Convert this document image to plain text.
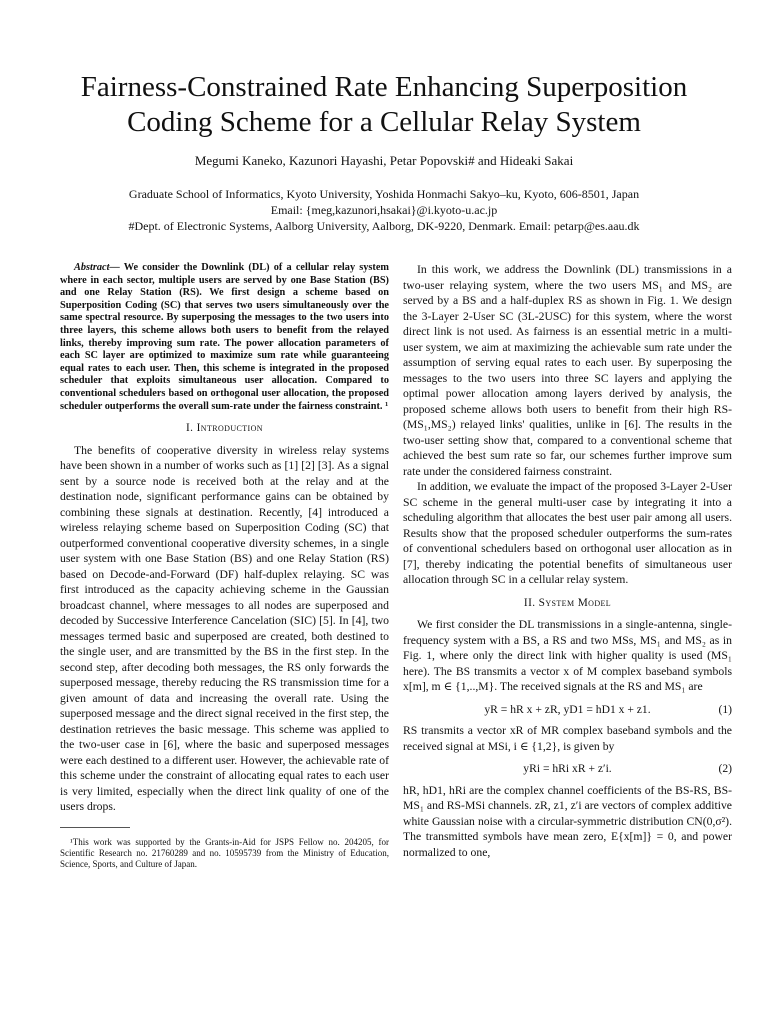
Fairness-Constrained Rate Enhancing Superposition Coding Scheme for a Cellular Relay System
Megumi Kaneko, Kazunori Hayashi, Petar Popovski# and Hideaki Sakai
Graduate School of Informatics, Kyoto University, Yoshida Honmachi Sakyo–ku, Kyoto, 606-8501, Japan
Email: {meg,kazunori,hsakai}@i.kyoto-u.ac.jp
#Dept. of Electronic Systems, Aalborg University, Aalborg, DK-9220, Denmark. Email: petarp@es.aau.dk

Abstract— We consider the Downlink (DL) of a cellular relay system where in each sector, multiple users are served by one Base Station (BS) and one Relay Station (RS). We first design a scheme based on Superposition Coding (SC) that serves two users simultaneously over the same spectral resource. By superposing the messages to the two users into three layers, this scheme allows both users to benefit from the relayed links, thereby improving sum rate. The power allocation parameters of each SC layer are optimized to maximize sum rate while guaranteeing equal rates to each user. Then, this scheme is integrated in the proposed scheduler that exploits simultaneous user allocation. Compared to conventional schedulers based on orthogonal user allocation, the proposed scheduler outperforms the overall sum-rate under the fairness constraint. ¹

I. Introduction

The benefits of cooperative diversity in wireless relay systems have been shown in a number of works such as [1] [2] [3]. As a signal sent by a source node is received both at the relay and at the destination node, significant performance gains can be obtained by combining these signals at destination. Recently, [4] introduced a wireless relaying scheme based on Superposition Coding (SC) that outperformed conventional cooperative diversity schemes, in a single user system with one Base Station (BS) and one Relay Station (RS) based on Decode-and-Forward (DF) half-duplex relaying. SC was first introduced as the capacity achieving scheme in the Gaussian broadcast channel, where messages to all nodes are superposed and decoded by Successive Interference Cancelation (SIC) [5]. In [4], two messages termed basic and superposed are created, both destined to the single user, and are transmitted by the BS in the first step. In the second step, after decoding both messages, the RS only forwards the superposed message, thereby reducing the RS transmission time for a given amount of data and increasing the overall rate. Using the superposed message and the direct signal received in the first step, the destination retrieves the basic message. This scheme was applied to the two-user case in [6], where the basic and superposed messages were each destined to a different user. However, the achievable rate of this scheme under the constraint of allocating equal rates to each user is very limited, especially when the direct link quality of one of the users drops.

¹This work was supported by the Grants-in-Aid for JSPS Fellow no. 204205, for Scientific Research no. 21760289 and no. 10595739 from the Ministry of Education, Science, Sports, and Culture of Japan.

In this work, we address the Downlink (DL) transmissions in a two-user relaying system, where the two users MS₁ and MS₂ are served by a BS and a half-duplex RS as shown in Fig. 1. We design the 3-Layer 2-User SC (3L-2USC) for this system, where the worst direct link is not used. As fairness is an essential metric in a multi-user system, we aim at maximizing the achievable sum rate under the assumption of serving equal rates to each user. By superposing the messages to the two users into three SC layers and applying the optimal power allocation among layers derived by analysis, the proposed scheme allows both users to benefit from their high RS-(MS₁,MS₂) relayed links' qualities, unlike in [6]. The results in the two-user setting show that, compared to a conventional scheme that achieved the best sum rate so far, our schemes further improve sum rate under the considered fairness constraint.

In addition, we evaluate the impact of the proposed 3-Layer 2-User SC scheme in the general multi-user case by integrating it into a scheduling algorithm that allocates the best user pair among all users. Results show that the proposed scheduler outperforms the sum-rates of conventional schedulers based on orthogonal user allocation as in [7], thereby indicating the potential benefits of simultaneous user allocation through SC in a cellular relay system.

II. System Model

We first consider the DL transmissions in a single-antenna, single-frequency system with a BS, a RS and two MSs, MS₁ and MS₂ as in Fig. 1, where only the direct link with higher quality is used (MS₁ here). The BS transmits a vector x of M complex baseband symbols x[m], m ∈ {1,..,M}. The received signals at the RS and MS₁ are

yR = hR x + zR, yD1 = hD1 x + z1.	(1)

RS transmits a vector xR of MR complex baseband symbols and the received signal at MSi, i ∈ {1,2}, is given by

yRi = hRi xR + z′i.	(2)

hR, hD1, hRi are the complex channel coefficients of the BS-RS, BS-MS₁ and RS-MSi channels. zR, z1, z′i are vectors of complex additive white Gaussian noise with a circular-symmetric distribution CN(0,σ²). The transmitted symbols have mean zero, E{x[m]} = 0, and power normalized to one,
